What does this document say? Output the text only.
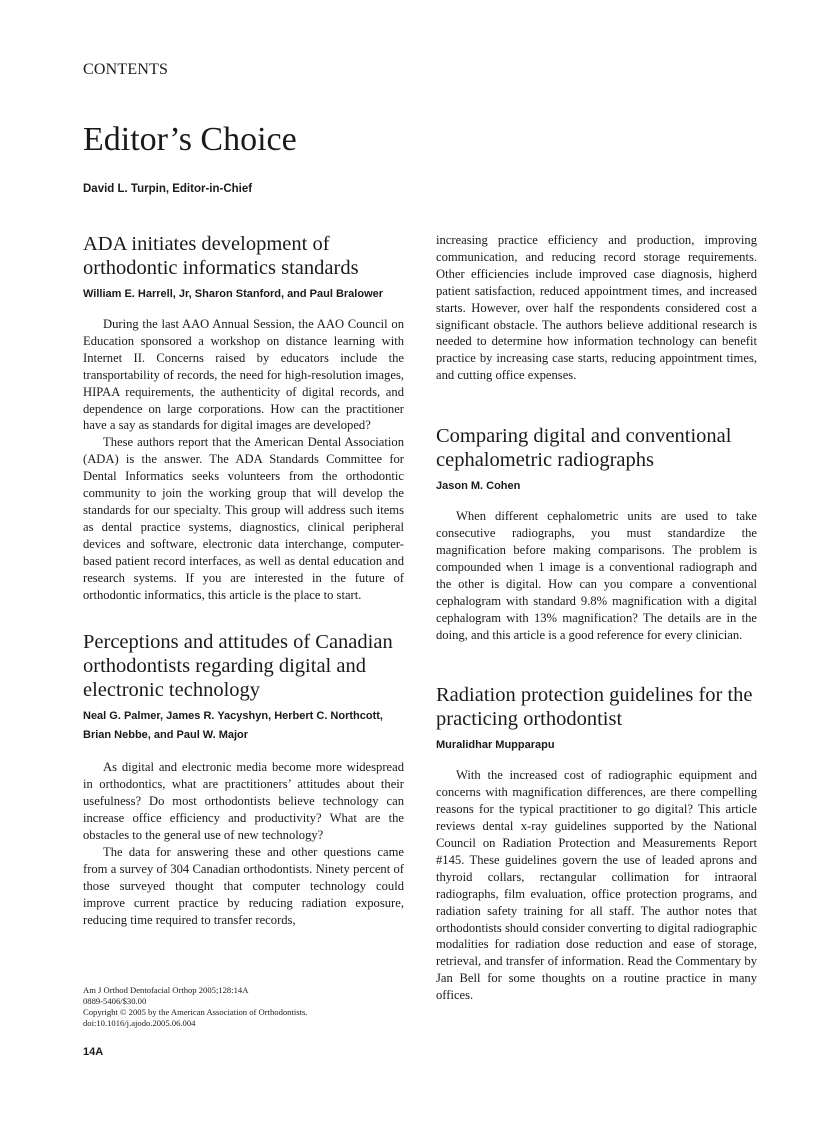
CONTENTS
Editor’s Choice
David L. Turpin, Editor-in-Chief
ADA initiates development of orthodontic informatics standards
William E. Harrell, Jr, Sharon Stanford, and Paul Bralower

During the last AAO Annual Session, the AAO Council on Education sponsored a workshop on distance learning with Internet II. Concerns raised by educators include the transportability of records, the need for high-resolution images, HIPAA requirements, the authenticity of digital records, and dependence on large corporations. How can the practitioner have a say as standards for digital images are developed?

These authors report that the American Dental Association (ADA) is the answer. The ADA Standards Committee for Dental Informatics seeks volunteers from the orthodontic community to join the working group that will develop the standards for our specialty. This group will address such items as dental practice systems, diagnostics, clinical peripheral devices and software, electronic data interchange, computer-based patient record interfaces, as well as dental education and research systems. If you are interested in the future of orthodontic informatics, this article is the place to start.

Perceptions and attitudes of Canadian orthodontists regarding digital and electronic technology
Neal G. Palmer, James R. Yacyshyn, Herbert C. Northcott, Brian Nebbe, and Paul W. Major

As digital and electronic media become more widespread in orthodontics, what are practitioners’ attitudes about their usefulness? Do most orthodontists believe technology can increase office efficiency and productivity? What are the obstacles to the general use of new technology?

The data for answering these and other questions came from a survey of 304 Canadian orthodontists. Ninety percent of those surveyed thought that computer technology could improve current practice by reducing radiation exposure, reducing time required to transfer records,

increasing practice efficiency and production, improving communication, and reducing record storage requirements. Other efficiencies include improved case diagnosis, higherd patient satisfaction, reduced appointment times, and increased starts. However, over half the respondents considered cost a significant obstacle. The authors believe additional research is needed to determine how information technology can benefit practice by increasing case starts, reducing appointment times, and cutting office expenses.

Comparing digital and conventional cephalometric radiographs
Jason M. Cohen

When different cephalometric units are used to take consecutive radiographs, you must standardize the magnification before making comparisons. The problem is compounded when 1 image is a conventional radiograph and the other is digital. How can you compare a conventional cephalogram with standard 9.8% magnification with a digital cephalogram with 13% magnification? The details are in the doing, and this article is a good reference for every clinician.

Radiation protection guidelines for the practicing orthodontist
Muralidhar Mupparapu

With the increased cost of radiographic equipment and concerns with magnification differences, are there compelling reasons for the typical practitioner to go digital? This article reviews dental x-ray guidelines supported by the National Council on Radiation Protection and Measurements Report #145. These guidelines govern the use of leaded aprons and thyroid collars, rectangular collimation for intraoral radiographs, film evaluation, office protection programs, and radiation safety training for all staff. The author notes that orthodontists should consider converting to digital radiographic modalities for radiation dose reduction and ease of storage, retrieval, and transfer of information. Read the Commentary by Jan Bell for some thoughts on a routine practice in many offices.

Am J Orthod Dentofacial Orthop 2005;128:14A
0889-5406/$30.00
Copyright © 2005 by the American Association of Orthodontists.
doi:10.1016/j.ajodo.2005.06.004
14A
